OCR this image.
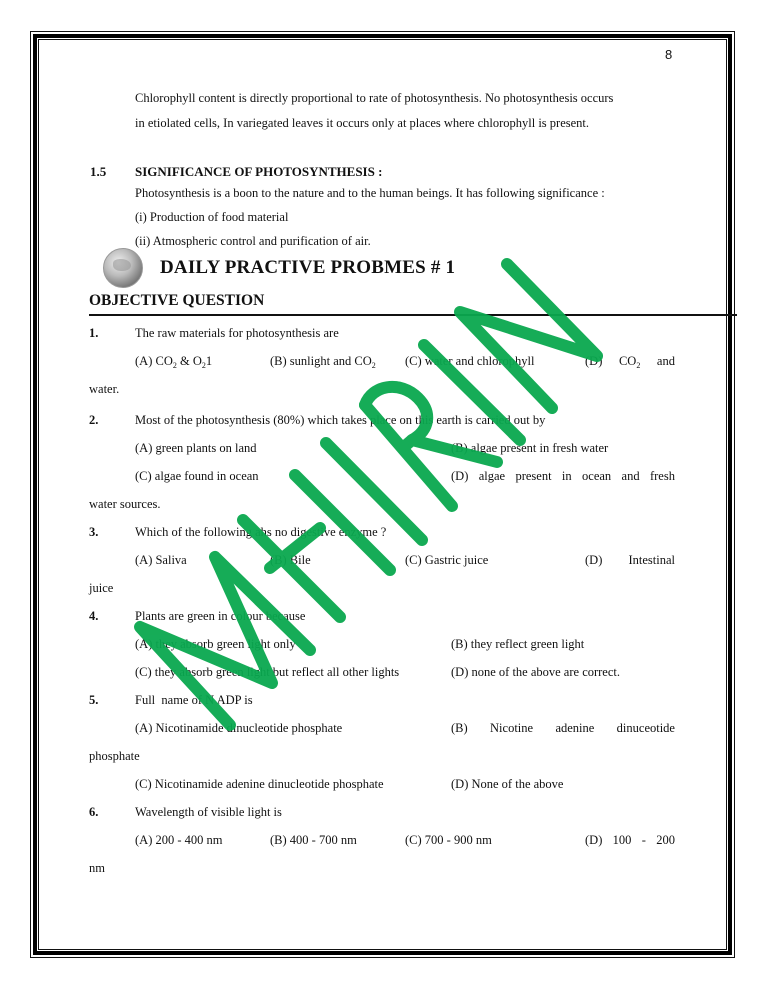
8
Chlorophyll content is directly proportional to rate of photosynthesis. No photosynthesis occurs
in etiolated cells, In variegated leaves it occurs only at places where chlorophyll is present.
1.5 SIGNIFICANCE OF PHOTOSYNTHESIS :
Photosynthesis is a boon to the nature and to the human beings. It has following significance :
(i) Production of food material
(ii) Atmospheric control and purification of air.
DAILY PRACTIVE PROBMES # 1
OBJECTIVE QUESTION
1.	The raw materials for photosynthesis are
(A) $CO_2$ & $O_21$	(B) sunlight and $CO_2$ (C) water and chlorophyll	(D) $CO_2$ and
water.
2.	Most of the photosynthesis (80%) which takes place on this earth is carried out by
(A) green plants on land	(B) algae present in fresh water
(C) algae found in ocean	(D) algae present in ocean and fresh
water sources.
3.	Which of the following ahs no digestive enzyme ?
(A) Saliva	(B) Bile	(C) Gastric juice	(D) Intestinal
juice
4.	Plants are green in colour because
(A) they absorb green light only	(B) they reflect green light
(C) they absorb green light but reflect all other lights	(D) none of the above are correct.
5.	Full  name of N ADP is
(A) Nicotinamide dinucleotide phosphate	(B) Nicotine adenine dinuceotide
phosphate
(C) Nicotinamide adenine dinucleotide phosphate	(D) None of the above
6.	Wavelength of visible light is
(A) 200 - 400 nm	(B) 400 - 700 nm	(C) 700 - 900 nm	(D) 100 - 200
nm
